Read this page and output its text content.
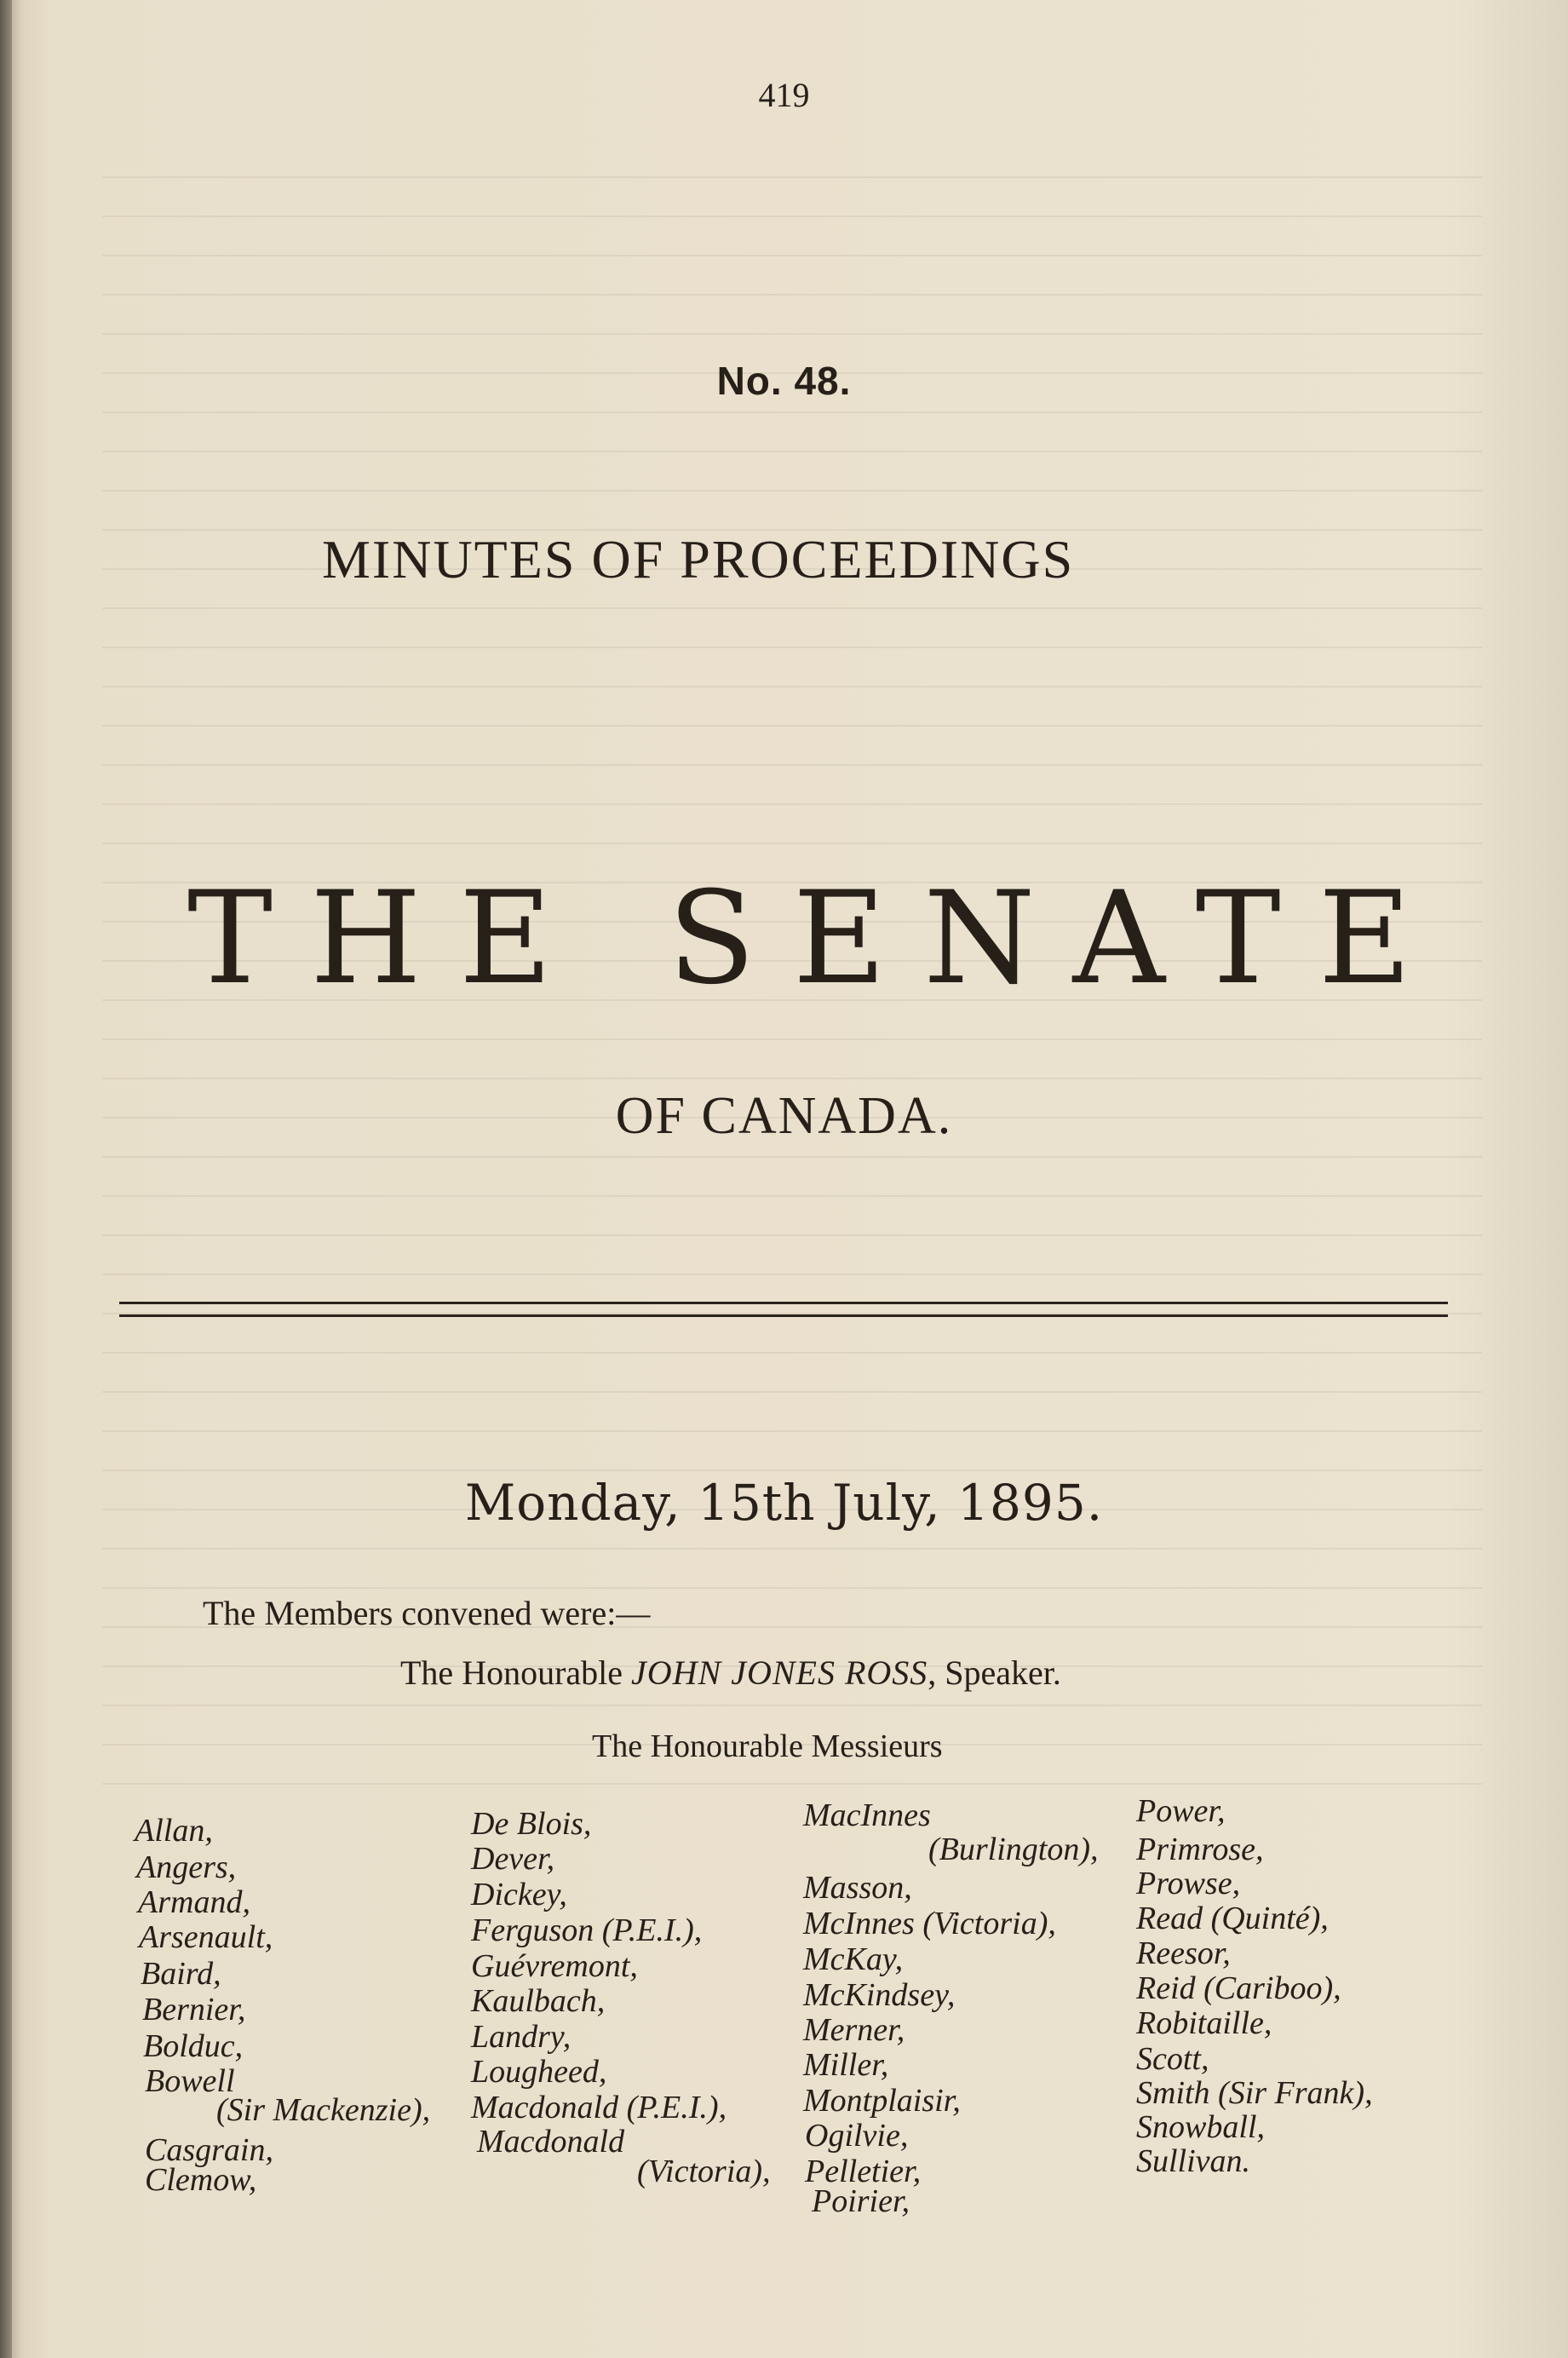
419
No. 48.
MINUTES OF PROCEEDINGS
THE SENATE
OF CANADA.
Monday, 15th July, 1895.
The Members convened were:—
The Honourable JOHN JONES ROSS, Speaker.
The Honourable Messieurs
Allan,
Angers,
Armand,
Arsenault,
Baird,
Bernier,
Bolduc,
Bowell
(Sir Mackenzie),
Casgrain,
Clemow,
De Blois,
Dever,
Dickey,
Ferguson (P.E.I.),
Guévremont,
Kaulbach,
Landry,
Lougheed,
Macdonald (P.E.I.),
Macdonald
(Victoria),
MacInnes
(Burlington),
Masson,
McInnes (Victoria),
McKay,
McKindsey,
Merner,
Miller,
Montplaisir,
Ogilvie,
Pelletier,
Poirier,
Power,
Primrose,
Prowse,
Read (Quinté),
Reesor,
Reid (Cariboo),
Robitaille,
Scott,
Smith (Sir Frank),
Snowball,
Sullivan.
